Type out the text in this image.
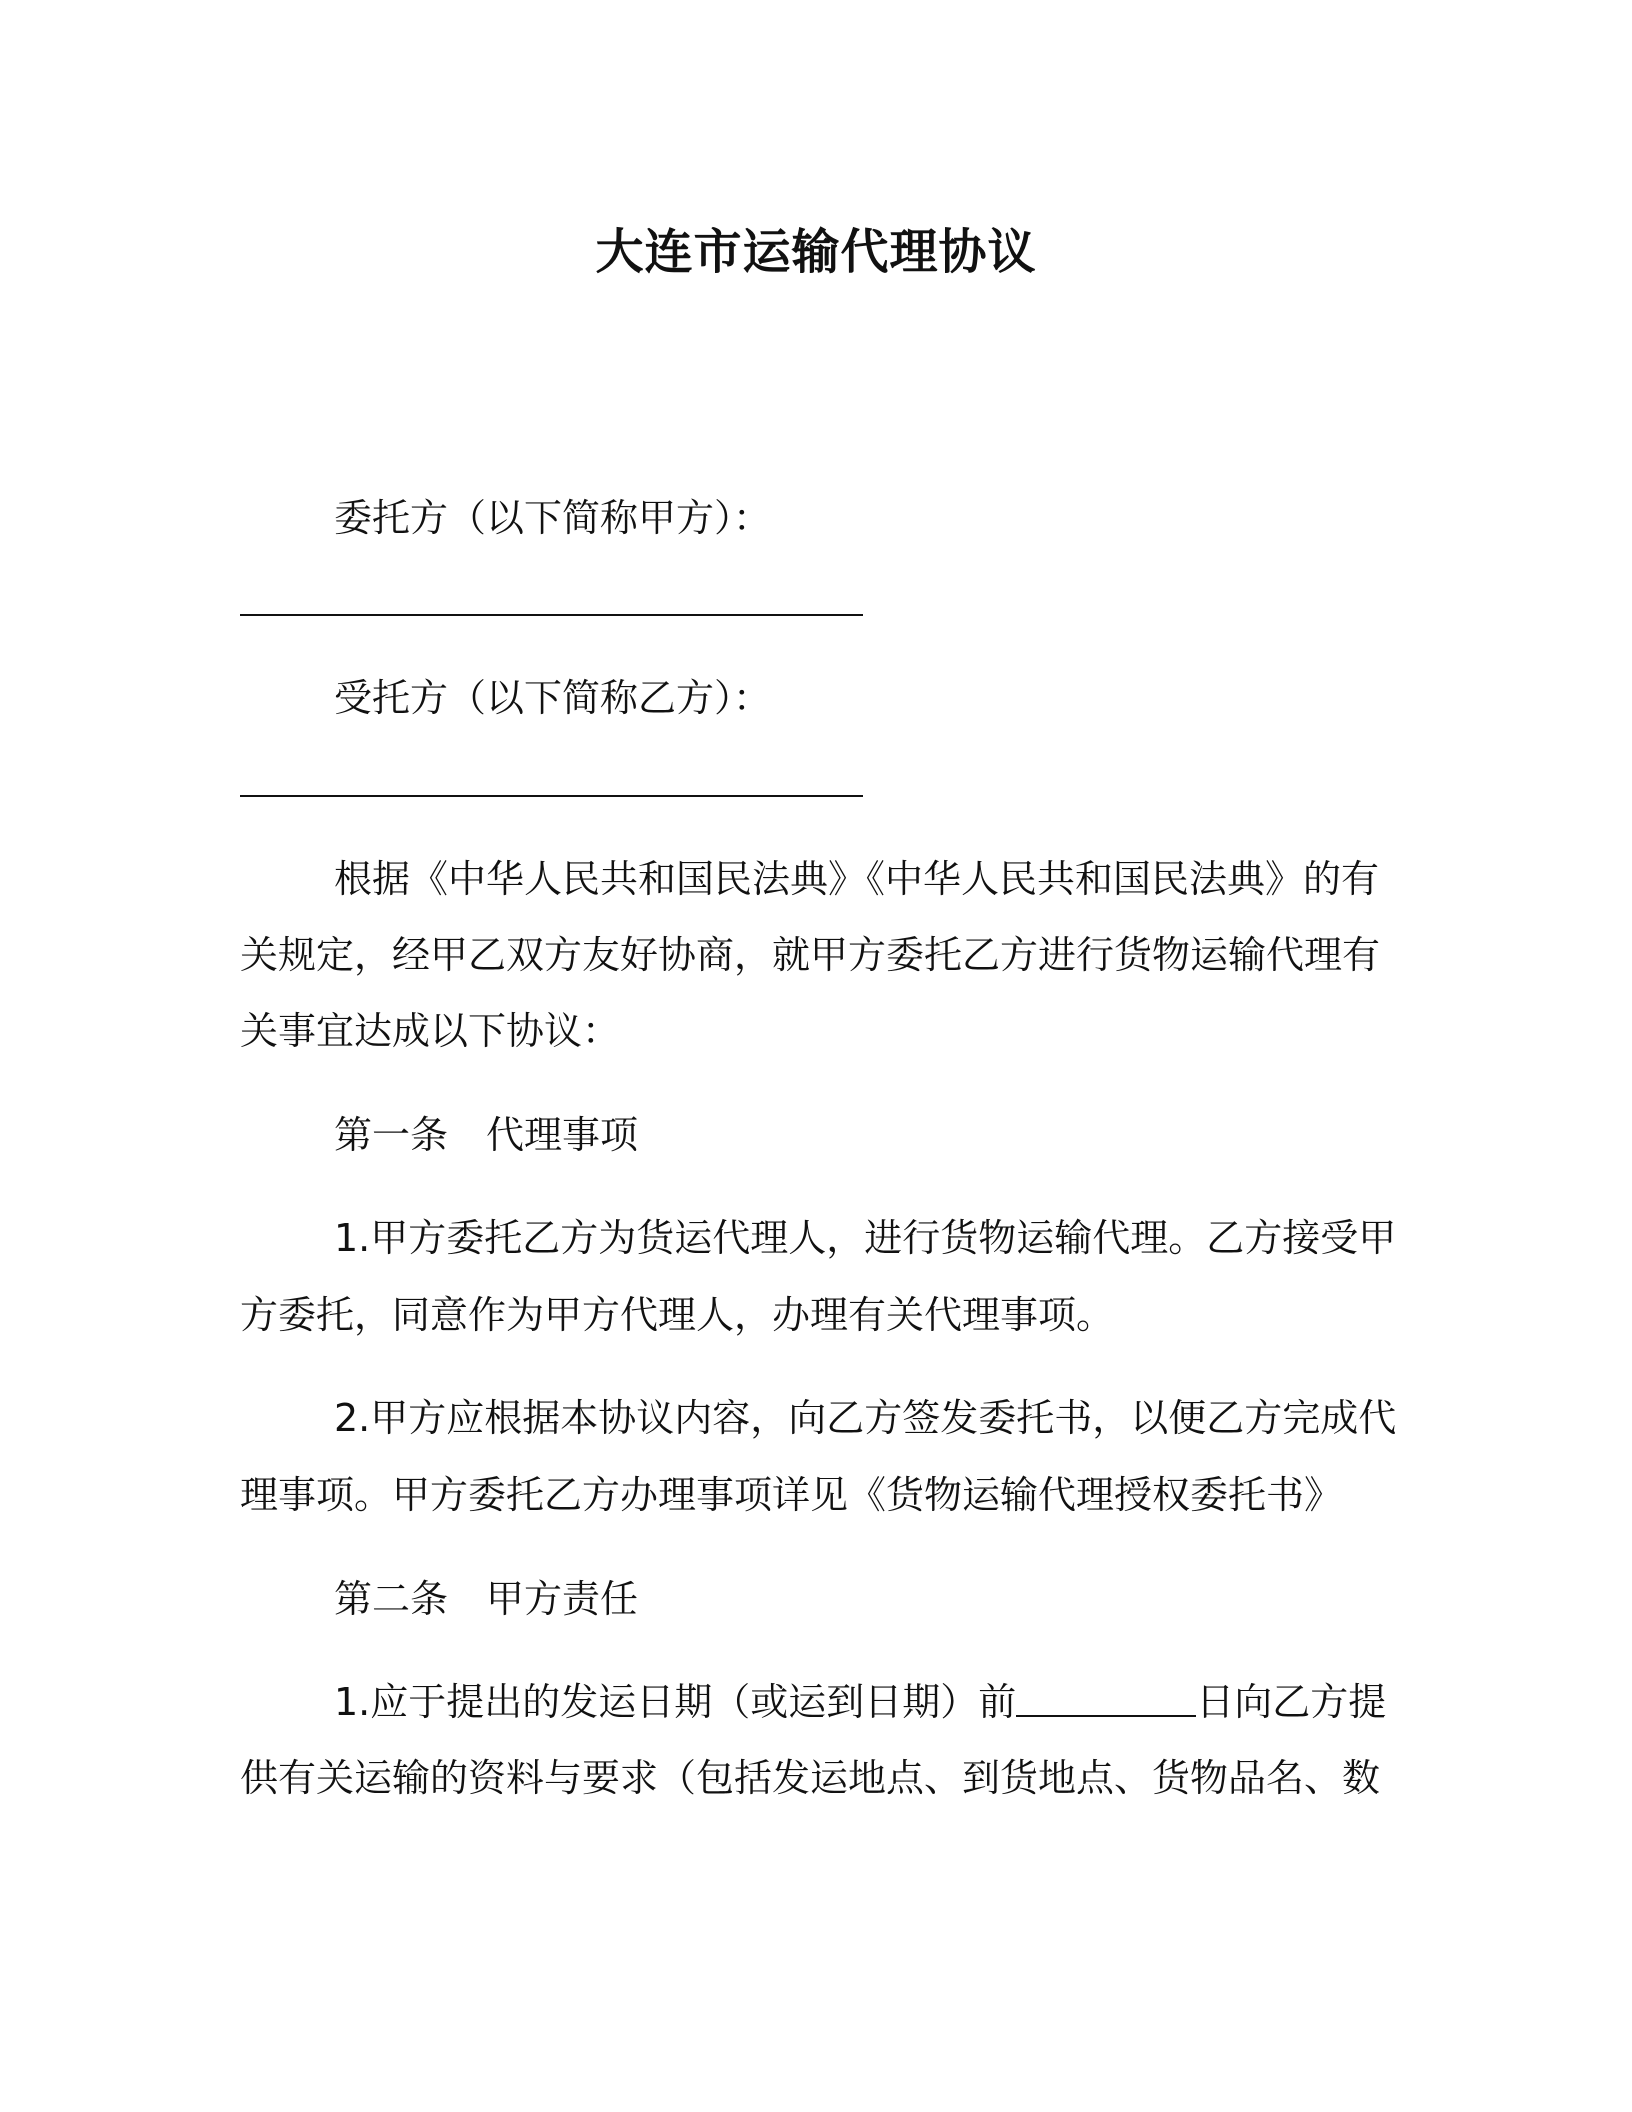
大连市运输代理协议
委托方（以下简称甲方）：
受托方（以下简称乙方）：
根据《中华人民共和国民法典》《中华人民共和国民法典》的有
关规定，经甲乙双方友好协商，就甲方委托乙方进行货物运输代理有
关事宜达成以下协议：
第一条　代理事项
1.甲方委托乙方为货运代理人，进行货物运输代理。乙方接受甲
方委托，同意作为甲方代理人，办理有关代理事项。
2.甲方应根据本协议内容，向乙方签发委托书，以便乙方完成代
理事项。甲方委托乙方办理事项详见《货物运输代理授权委托书》
第二条　甲方责任
1.应于提出的发运日期（或运到日期）前	日向乙方提
供有关运输的资料与要求（包括发运地点、到货地点、货物品名、数
